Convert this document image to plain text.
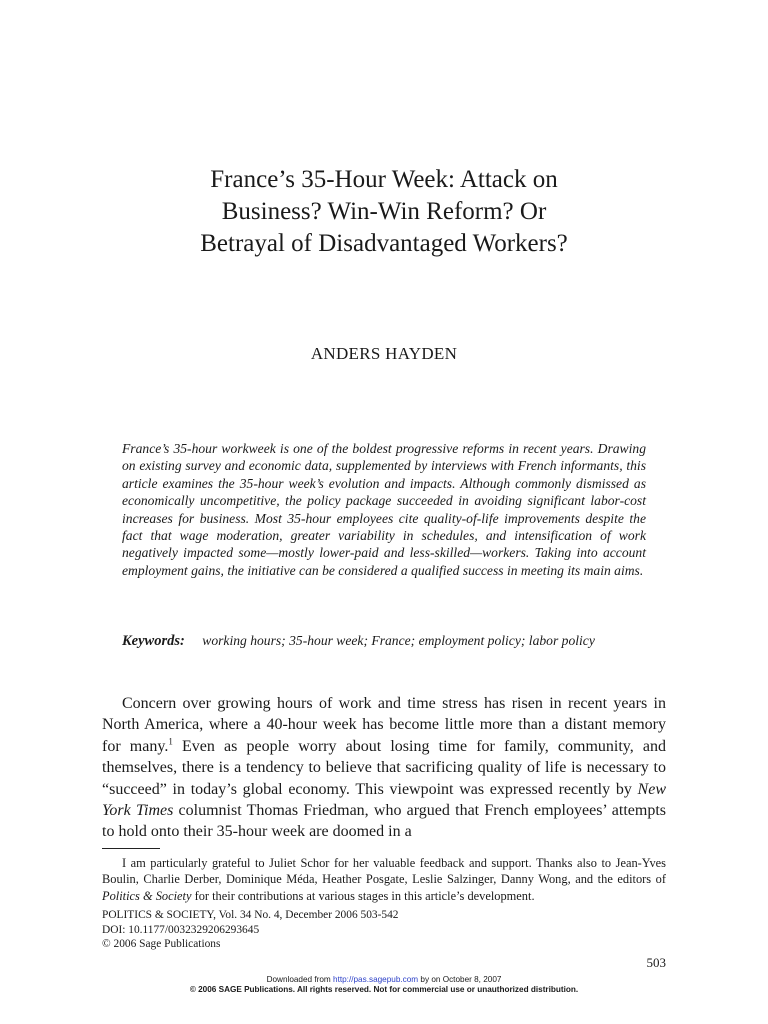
France’s 35-Hour Week: Attack on
Business? Win-Win Reform? Or
Betrayal of Disadvantaged Workers?
ANDERS HAYDEN
France’s 35-hour workweek is one of the boldest progressive reforms in recent years. Drawing on existing survey and economic data, supplemented by interviews with French informants, this article examines the 35-hour week’s evolution and impacts. Although commonly dismissed as economically uncompetitive, the policy package succeeded in avoiding significant labor-cost increases for business. Most 35-hour employees cite quality-of-life improvements despite the fact that wage moderation, greater variability in schedules, and intensification of work negatively impacted some—mostly lower-paid and less-skilled—workers. Taking into account employment gains, the initiative can be considered a qualified success in meeting its main aims.
Keywords: working hours; 35-hour week; France; employment policy; labor policy

Concern over growing hours of work and time stress has risen in recent years in North America, where a 40-hour week has become little more than a distant memory for many.$^1$ Even as people worry about losing time for family, community, and themselves, there is a tendency to believe that sacrificing quality of life is necessary to “succeed” in today’s global economy. This viewpoint was expressed recently by New York Times columnist Thomas Friedman, who argued that French employees’ attempts to hold onto their 35-hour week are doomed in a

I am particularly grateful to Juliet Schor for her valuable feedback and support. Thanks also to Jean-Yves Boulin, Charlie Derber, Dominique Méda, Heather Posgate, Leslie Salzinger, Danny Wong, and the editors of Politics & Society for their contributions at various stages in this article’s development.

POLITICS & SOCIETY, Vol. 34 No. 4, December 2006 503-542
DOI: 10.1177/0032329206293645
© 2006 Sage Publications
503
Downloaded from http://pas.sagepub.com by on October 8, 2007
© 2006 SAGE Publications. All rights reserved. Not for commercial use or unauthorized distribution.
